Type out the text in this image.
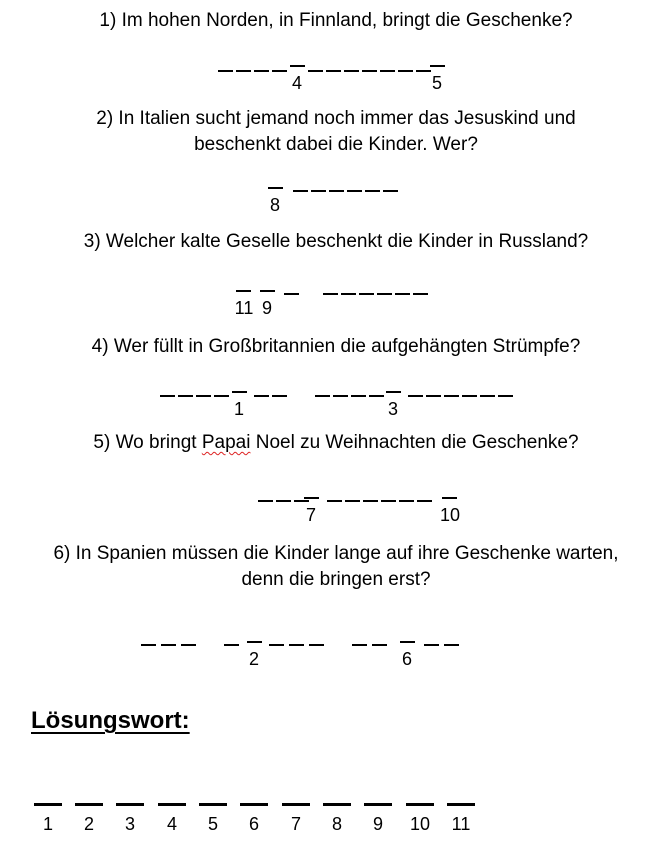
1) Im hohen Norden, in Finnland, bringt die Geschenke?
4	5
2) In Italien sucht jemand noch immer das Jesuskind und
beschenkt dabei die Kinder. Wer?
8
3) Welcher kalte Geselle beschenkt die Kinder in Russland?
11 9
4) Wer füllt in Großbritannien die aufgehängten Strümpfe?
1	3
5) Wo bringt Papai Noel zu Weihnachten die Geschenke?
7	10
6) In Spanien müssen die Kinder lange auf ihre Geschenke warten,
denn die bringen erst?
2	6
Lösungswort:
1	2	3	4	5	6	7	8	9	10 11
